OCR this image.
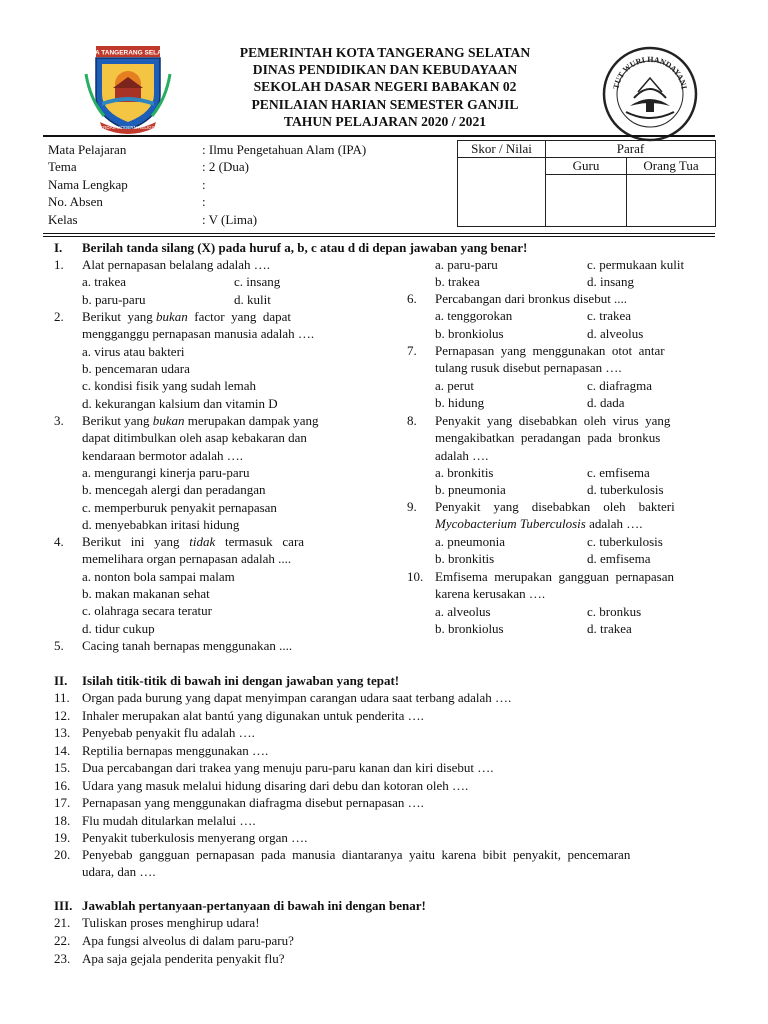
KOTA TANGERANG SELATAN
CERDAS MODERN RELIGIUS
PEMERINTAH KOTA TANGERANG SELATAN
DINAS PENDIDIKAN DAN KEBUDAYAAN
SEKOLAH DASAR NEGERI BABAKAN 02
PENILAIAN HARIAN SEMESTER GANJIL
TAHUN PELAJARAN 2020 / 2021
TUT WURI HANDAYANI
Mata Pelajaran	: Ilmu Pengetahuan Alam (IPA)
Tema	: 2 (Dua)
Nama Lengkap	:
No. Absen	:
Kelas	: V (Lima)
Skor / Nilai	Paraf	
	Guru	Orang Tua

I. Berilah tanda silang (X) pada huruf a, b, c atau d di depan jawaban yang benar!
1. Alat pernapasan belalang adalah ….
a. trakea	c. insang
b. paru-paru	d. kulit
2. Berikut  yang bukan  factor  yang  dapat
mengganggu pernapasan manusia adalah ….
a. virus atau bakteri
b. pencemaran udara
c. kondisi fisik yang sudah lemah
d. kekurangan kalsium dan vitamin D
3. Berikut yang bukan merupakan dampak yang
dapat ditimbulkan oleh asap kebakaran dan
kendaraan bermotor adalah ….
a. mengurangi kinerja paru-paru
b. mencegah alergi dan peradangan
c. memperburuk penyakit pernapasan
d. menyebabkan iritasi hidung
4. Berikut   ini   yang   tidak   termasuk   cara
memelihara organ pernapasan adalah ....
a. nonton bola sampai malam
b. makan makanan sehat
c. olahraga secara teratur
d. tidur cukup
5. Cacing tanah bernapas menggunakan ....
a. paru-paru	c. permukaan kulit
b. trakea	d. insang
6. Percabangan dari bronkus disebut ....
a. tenggorokan	c. trakea
b. bronkiolus	d. alveolus
7. Pernapasan  yang  menggunakan  otot  antar
tulang rusuk disebut pernapasan ….
a. perut	c. diafragma
b. hidung	d. dada
8. Penyakit  yang  disebabkan  oleh  virus  yang
mengakibatkan  peradangan  pada  bronkus
adalah ….
a. bronkitis	c. emfisema
b. pneumonia	d. tuberkulosis
9. Penyakit    yang    disebabkan    oleh    bakteri
Mycobacterium Tuberculosis adalah ….
a. pneumonia	c. tuberkulosis
b. bronkitis	d. emfisema
10. Emfisema  merupakan  gangguan  pernapasan
karena kerusakan ….
a. alveolus	c. bronkus
b. bronkiolus	d. trakea
II. Isilah titik-titik di bawah ini dengan jawaban yang tepat!
11. Organ pada burung yang dapat menyimpan carangan udara saat terbang adalah ….
12. Inhaler merupakan alat bantú yang digunakan untuk penderita ….
13. Penyebab penyakit flu adalah ….
14. Reptilia bernapas menggunakan ….
15. Dua percabangan dari trakea yang menuju paru-paru kanan dan kiri disebut ….
16. Udara yang masuk melalui hidung disaring dari debu dan kotoran oleh ….
17. Pernapasan yang menggunakan diafragma disebut pernapasan ….
18. Flu mudah ditularkan melalui ….
19. Penyakit tuberkulosis menyerang organ ….
20. Penyebab  gangguan  pernapasan  pada  manusia  diantaranya  yaitu  karena  bibit  penyakit,  pencemaran
udara, dan ….
III. Jawablah pertanyaan-pertanyaan di bawah ini dengan benar!
21. Tuliskan proses menghirup udara!
22. Apa fungsi alveolus di dalam paru-paru?
23. Apa saja gejala penderita penyakit flu?
